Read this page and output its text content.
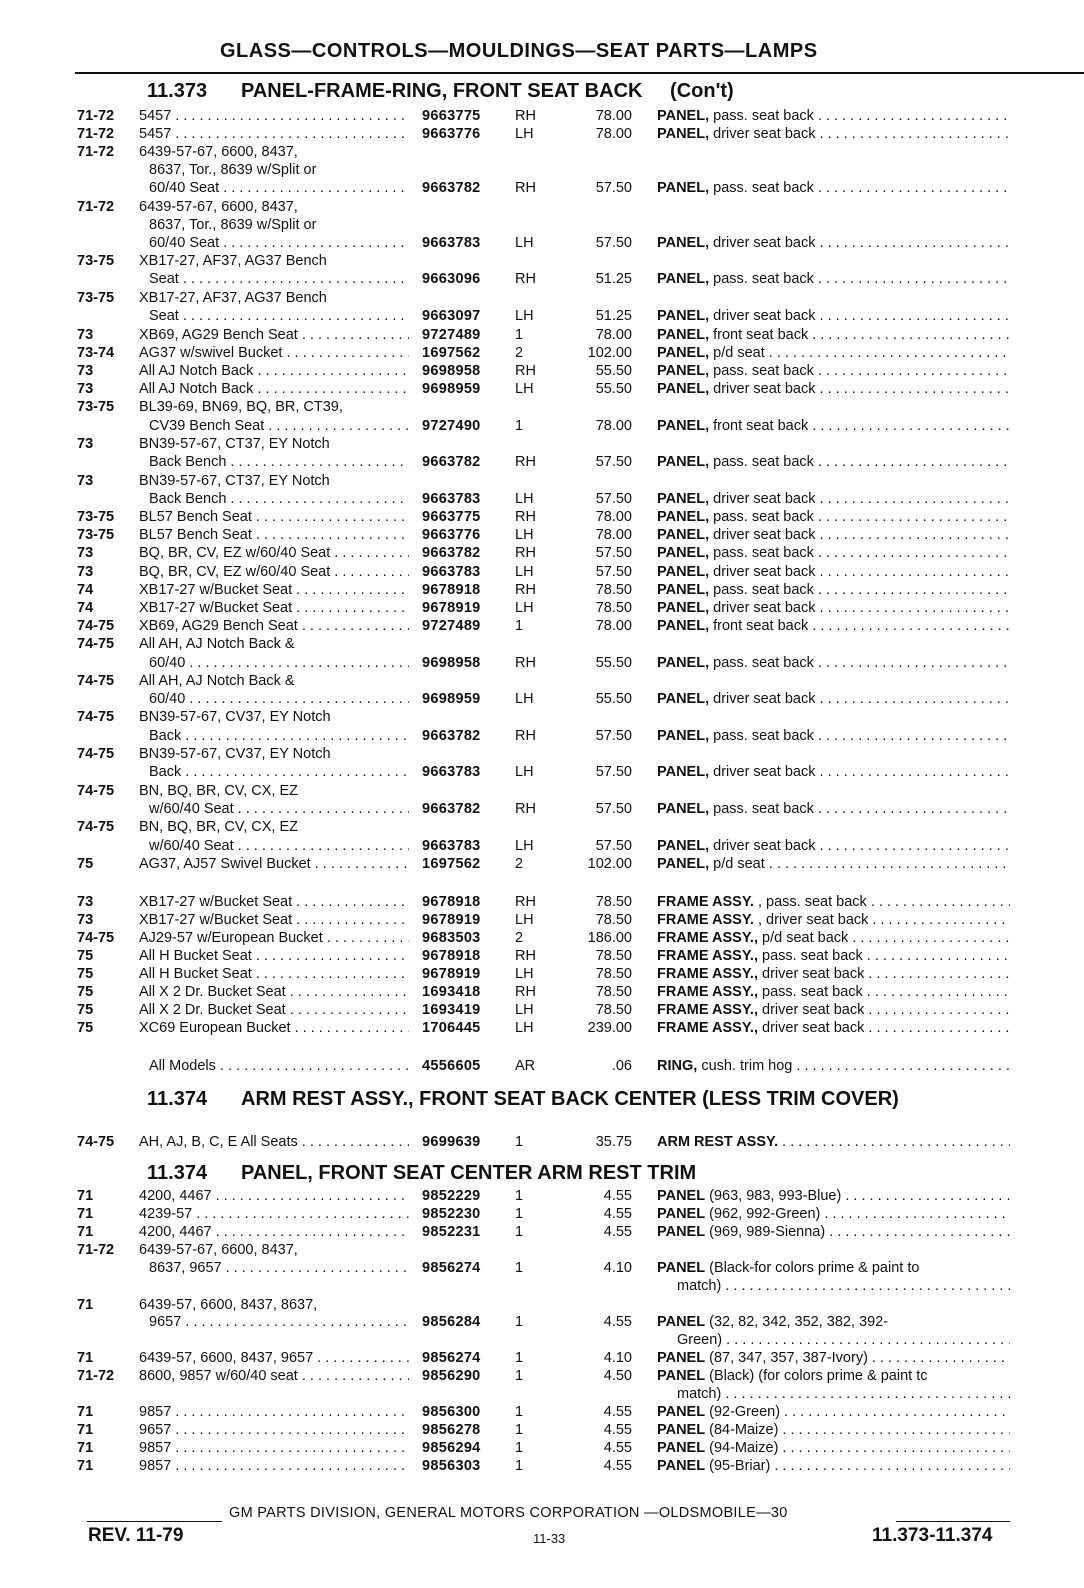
GLASS—CONTROLS—MOULDINGS—SEAT PARTS—LAMPS
11.373 PANEL-FRAME-RING, FRONT SEAT BACK (Con't)
11.374 ARM REST ASSY., FRONT SEAT BACK CENTER (LESS TRIM COVER)
11.374 PANEL, FRONT SEAT CENTER ARM REST TRIM
71-72	5457 . . .	9663775	RH	78.00 PANEL, pass. seat back . . .
71-72	5457 . . .	9663776	LH	78.00 PANEL, driver seat back . . .
71-72	6439-57-67, 6600, 8437,
8637, Tor., 8639 w/Split or
60/40 Seat . . .	9663782	RH	57.50 PANEL, pass. seat back . . .
71-72	6439-57-67, 6600, 8437,
8637, Tor., 8639 w/Split or
60/40 Seat . . .	9663783	LH	57.50 PANEL, driver seat back . . .
73-75	XB17-27, AF37, AG37 Bench
Seat . . .	9663096	RH	51.25 PANEL, pass. seat back . . .
73-75	XB17-27, AF37, AG37 Bench
Seat . . .	9663097	LH	51.25 PANEL, driver seat back . . .
73	XB69, AG29 Bench Seat . . .	9727489	1	78.00 PANEL, front seat back . . .
73-74	AG37 w/swivel Bucket . . .	1697562	2	102.00 PANEL, p/d seat . . .
73	All AJ Notch Back . . .	9698958	RH	55.50 PANEL, pass. seat back . . .
73	All AJ Notch Back . . .	9698959	LH	55.50 PANEL, driver seat back . . .
73-75	BL39-69, BN69, BQ, BR, CT39,
CV39 Bench Seat . . .	9727490	1	78.00 PANEL, front seat back . . .
73	BN39-57-67, CT37, EY Notch
Back Bench . . .	9663782	RH	57.50 PANEL, pass. seat back . . .
73	BN39-57-67, CT37, EY Notch
Back Bench . . .	9663783	LH	57.50 PANEL, driver seat back . . .
73-75	BL57 Bench Seat . . .	9663775	RH	78.00 PANEL, pass. seat back . . .
73-75	BL57 Bench Seat . . .	9663776	LH	78.00 PANEL, driver seat back . . .
73	BQ, BR, CV, EZ w/60/40 Seat . . .	9663782	RH	57.50 PANEL, pass. seat back . . .
73	BQ, BR, CV, EZ w/60/40 Seat . . .	9663783	LH	57.50 PANEL, driver seat back . . .
74	XB17-27 w/Bucket Seat . . .	9678918	RH	78.50 PANEL, pass. seat back . . .
74	XB17-27 w/Bucket Seat . . .	9678919	LH	78.50 PANEL, driver seat back . . .
74-75	XB69, AG29 Bench Seat . . .	9727489	1	78.00 PANEL, front seat back . . .
74-75	All AH, AJ Notch Back &
60/40 . . .	9698958	RH	55.50 PANEL, pass. seat back . . .
74-75	All AH, AJ Notch Back &
60/40 . . .	9698959	LH	55.50 PANEL, driver seat back . . .
74-75	BN39-57-67, CV37, EY Notch
Back . . .	9663782	RH	57.50 PANEL, pass. seat back . . .
74-75	BN39-57-67, CV37, EY Notch
Back . . .	9663783	LH	57.50 PANEL, driver seat back . . .
74-75	BN, BQ, BR, CV, CX, EZ
w/60/40 Seat . . .	9663782	RH	57.50 PANEL, pass. seat back . . .
74-75	BN, BQ, BR, CV, CX, EZ
w/60/40 Seat . . .	9663783	LH	57.50 PANEL, driver seat back . . .
75	AG37, AJ57 Swivel Bucket . . .	1697562	2	102.00 PANEL, p/d seat . . .
73	XB17-27 w/Bucket Seat . . .	9678918	RH	78.50 FRAME ASSY. , pass. seat back . . .
73	XB17-27 w/Bucket Seat . . .	9678919	LH	78.50 FRAME ASSY. , driver seat back . . .
74-75	AJ29-57 w/European Bucket . . .	9683503	2	186.00 FRAME ASSY., p/d seat back . . .
75	All H Bucket Seat . . .	9678918	RH	78.50 FRAME ASSY., pass. seat back . . .
75	All H Bucket Seat . . .	9678919	LH	78.50 FRAME ASSY., driver seat back . . .
75	All X 2 Dr. Bucket Seat . . .	1693418	RH	78.50 FRAME ASSY., pass. seat back . . .
75	All X 2 Dr. Bucket Seat . . .	1693419	LH	78.50 FRAME ASSY., driver seat back . . .
75	XC69 European Bucket . . .	1706445	LH	239.00 FRAME ASSY., driver seat back . . .
All Models . . .	4556605	AR	.06 RING, cush. trim hog . . .
74-75	AH, AJ, B, C, E All Seats . . .	9699639	1	35.75 ARM REST ASSY. . . .
71	4200, 4467 . . .	9852229	1	4.55 PANEL (963, 983, 993-Blue) . . .
71	4239-57 . . .	9852230	1	4.55 PANEL (962, 992-Green) . . .
71	4200, 4467 . . .	9852231	1	4.55 PANEL (969, 989-Sienna) . . .
71-72	6439-57-67, 6600, 8437,
8637, 9657 . . .	9856274	1	4.10 PANEL (Black-for colors prime & paint to
match) . . .
71	6439-57, 6600, 8437, 8637,
9657 . . .	9856284	1	4.55 PANEL (32, 82, 342, 352, 382, 392-
Green) . . .
71	6439-57, 6600, 8437, 9657 . . .	9856274	1	4.10 PANEL (87, 347, 357, 387-Ivory) . . .
71-72	8600, 9857 w/60/40 seat . . .	9856290	1	4.50 PANEL (Black) (for colors prime & paint tc
match) . . .
71	9857 . . .	9856300	1	4.55 PANEL (92-Green) . . .
71	9657 . . .	9856278	1	4.55 PANEL (84-Maize) . . .
71	9857 . . .	9856294	1	4.55 PANEL (94-Maize) . . .
71	9857 . . .	9856303	1	4.55 PANEL (95-Briar) . . .
GM PARTS DIVISION, GENERAL MOTORS CORPORATION —OLDSMOBILE—30
REV. 11-79	11-33	11.373-11.374
